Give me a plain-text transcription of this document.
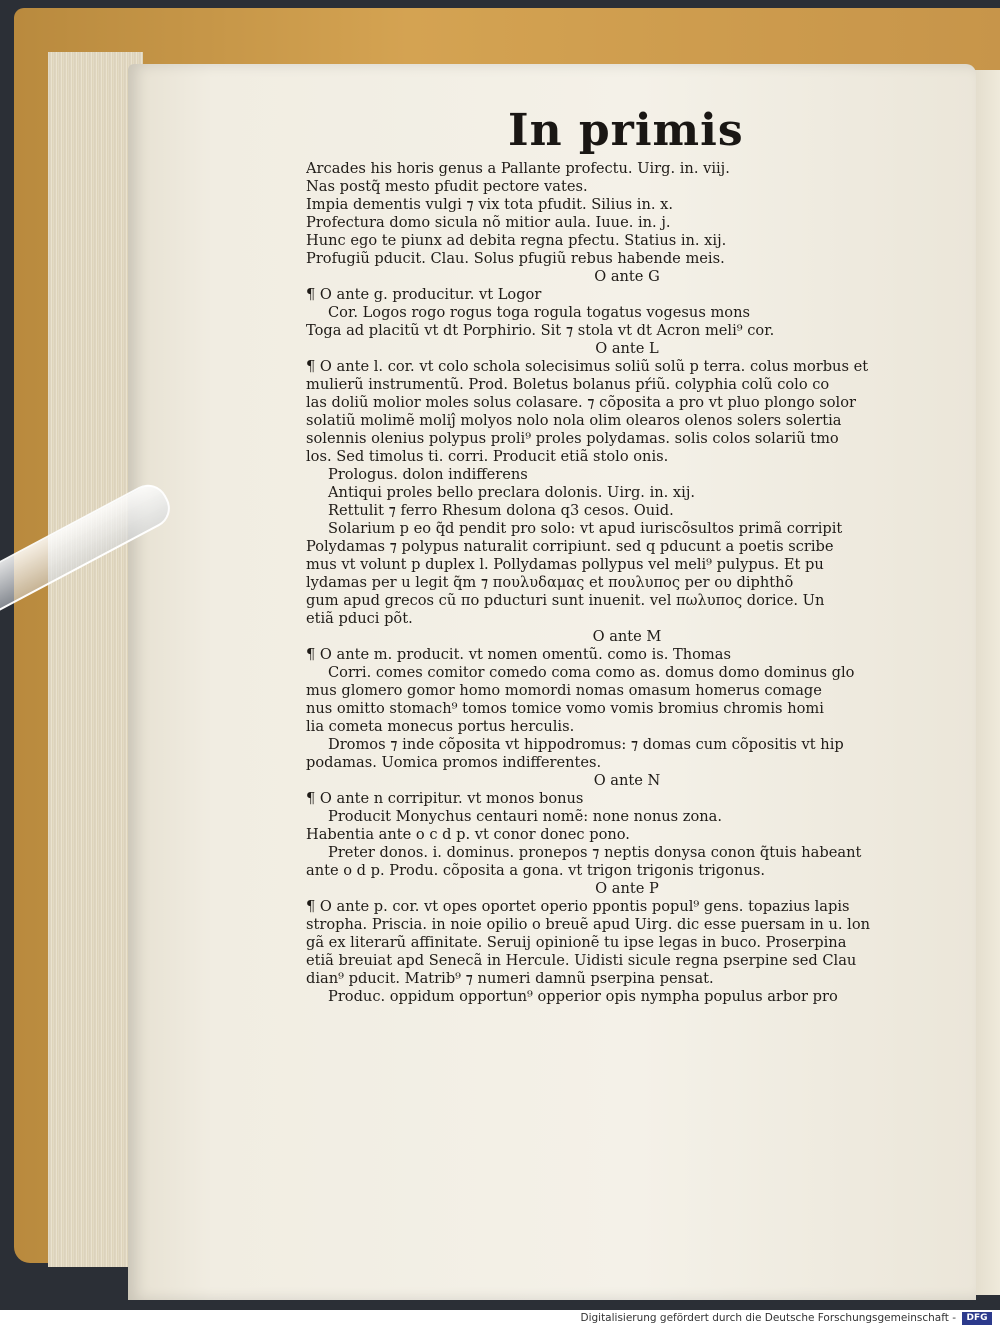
In primis
Arcades his horis genus a Pallante profectu. Uirg. in. viij.
Nas postq̃ mesto pfudit pectore vates.
Impia dementis vulgi ⁊ vix tota pfudit. Silius in. x.
Profectura domo sicula nõ mitior aula. Iuue. in. j.
Hunc ego te piunx ad debita regna pfectu. Statius in. xij.
Profugiũ pducit. Clau. Solus pfugiũ rebus habende meis.
O ante G
¶ O ante g. producitur. vt Logor
Cor. Logos rogo rogus toga rogula togatus vogesus mons
Toga ad placitũ vt dt Porphirio. Sit ⁊ stola vt dt Acron meli⁹ cor.
O ante L
¶ O ante l. cor. vt colo schola solecisimus soliũ solũ p terra. colus morbus et
mulierũ instrumentũ. Prod. Boletus bolanus pŕiũ. colyphia colũ colo co
las doliũ molior moles solus colasare. ⁊ cõposita a pro vt pluo plongo solor
solatiũ molimẽ moliĵ molyos nolo nola olim olearos olenos solers solertia
solennis olenius polypus proli⁹ proles polydamas. solis colos solariũ tmo
los. Sed timolus ti. corri. Producit etiã stolo onis.
Prologus. dolon indifferens
Antiqui proles bello preclara dolonis. Uirg. in. xij.
Rettulit ⁊ ferro Rhesum dolona q3 cesos. Ouid.
Solarium p eo q̃d pendit pro solo: vt apud iuriscõsultos primã corripit
Polydamas ⁊ polypus naturalit corripiunt. sed q pducunt a poetis scribe
mus vt volunt p duplex l. Pollydamas pollypus vel meli⁹ pulypus. Et pu
lydamas per u legit q̃m ⁊ πουλυδαμας et πουλυπος per ου diphthõ
gum apud grecos cũ πο pducturi sunt inuenit. vel πωλυπος dorice. Un
etiã pduci põt.
O ante M
¶ O ante m. producit. vt nomen omentũ. como is. Thomas
Corri. comes comitor comedo coma como as. domus domo dominus glo
mus glomero gomor homo momordi nomas omasum homerus comage
nus omitto stomach⁹ tomos tomice vomo vomis bromius chromis homi
lia cometa monecus portus herculis.
Dromos ⁊ inde cõposita vt hippodromus: ⁊ domas cum cõpositis vt hip
podamas. Uomica promos indifferentes.
O ante N
¶ O ante n corripitur. vt monos bonus
Producit Monychus centauri nomẽ: none nonus zona.
Habentia ante o c d p. vt conor donec pono.
Preter donos. i. dominus. pronepos ⁊ neptis donysa conon q̃tuis habeant
ante o d p. Produ. cõposita a gona. vt trigon trigonis trigonus.
O ante P
¶ O ante p. cor. vt opes oportet operio ppontis popul⁹ gens. topazius lapis
stropha. Priscia. in noie opilio o breuẽ apud Uirg. dic esse puersam in u. lon
gã ex literarũ affinitate. Seruij opinionẽ tu ipse legas in buco. Proserpina
etiã breuiat apd Senecã in Hercule. Uidisti sicule regna pserpine sed Clau
dian⁹ pducit. Matrib⁹ ⁊ numeri damnũ pserpina pensat.
Produc. oppidum opportun⁹ opperior opis nympha populus arbor pro
Digitalisierung gefördert durch die Deutsche Forschungsgemeinschaft -	DFG
